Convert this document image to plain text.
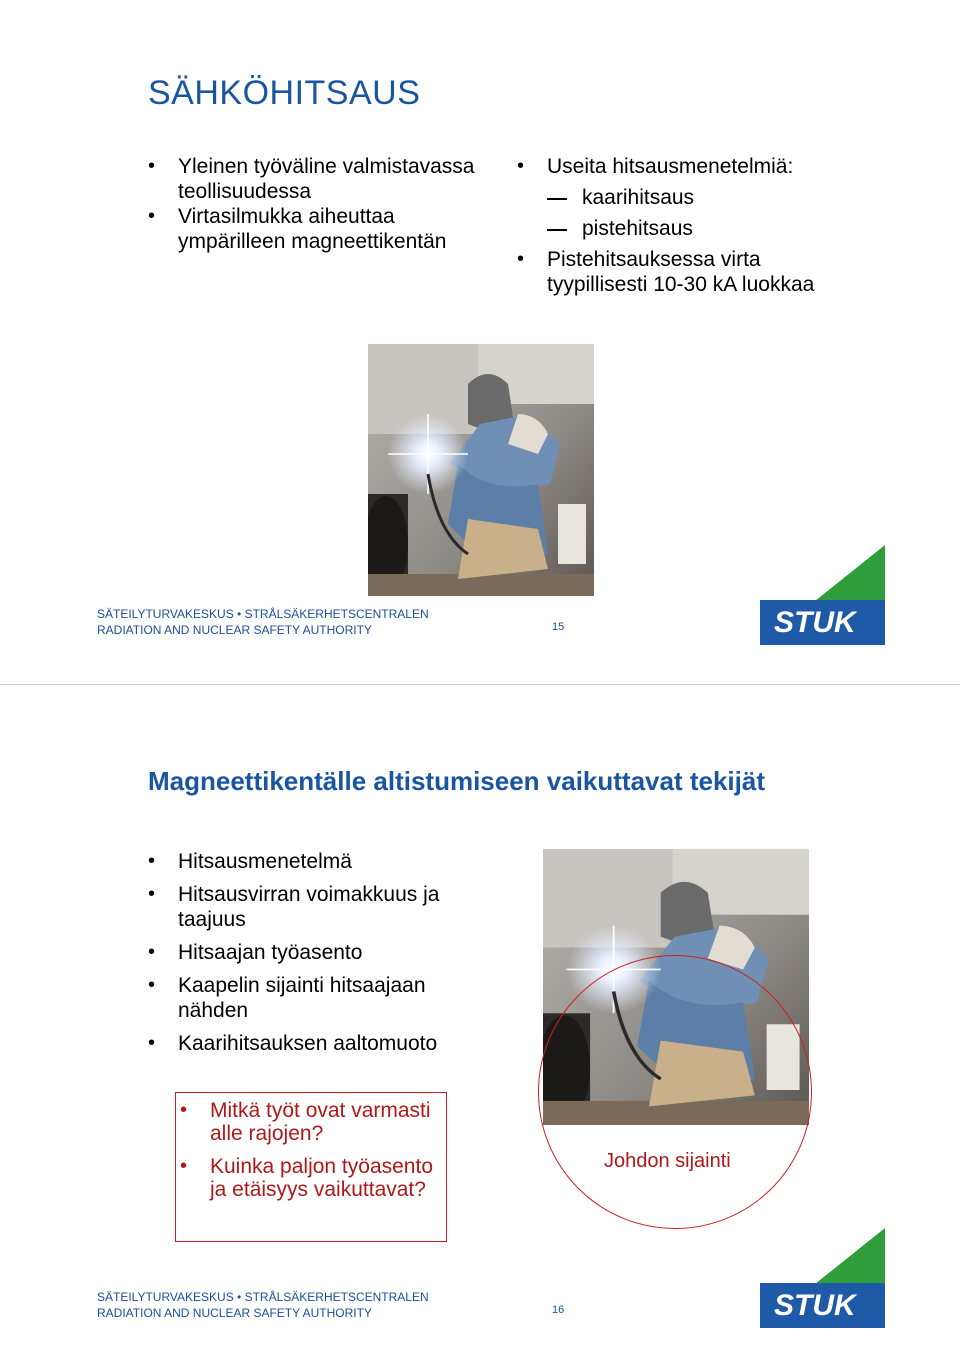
SÄHKÖHITSAUS
• Yleinen työväline valmistavassa teollisuudessa
• Virtasilmukka aiheuttaa ympärilleen magneettikentän
• Useita hitsausmenetelmiä:
kaarihitsaus
pistehitsaus
• Pistehitsauksessa virta tyypillisesti 10-30 kA luokkaa
SÄTEILYTURVAKESKUS • STRÅLSÄKERHETSCENTRALEN
RADIATION AND NUCLEAR SAFETY AUTHORITY	15	STUK
Magneettikentälle altistumiseen vaikuttavat tekijät
• Hitsausmenetelmä
• Hitsausvirran voimakkuus ja taajuus
• Hitsaajan työasento
• Kaapelin sijainti hitsaajaan nähden
• Kaarihitsauksen aaltomuoto
Johdon sijainti
• Mitkä työt ovat varmasti alle rajojen?
• Kuinka paljon työasento ja etäisyys vaikuttavat?
SÄTEILYTURVAKESKUS • STRÅLSÄKERHETSCENTRALEN
RADIATION AND NUCLEAR SAFETY AUTHORITY	16	STUK
